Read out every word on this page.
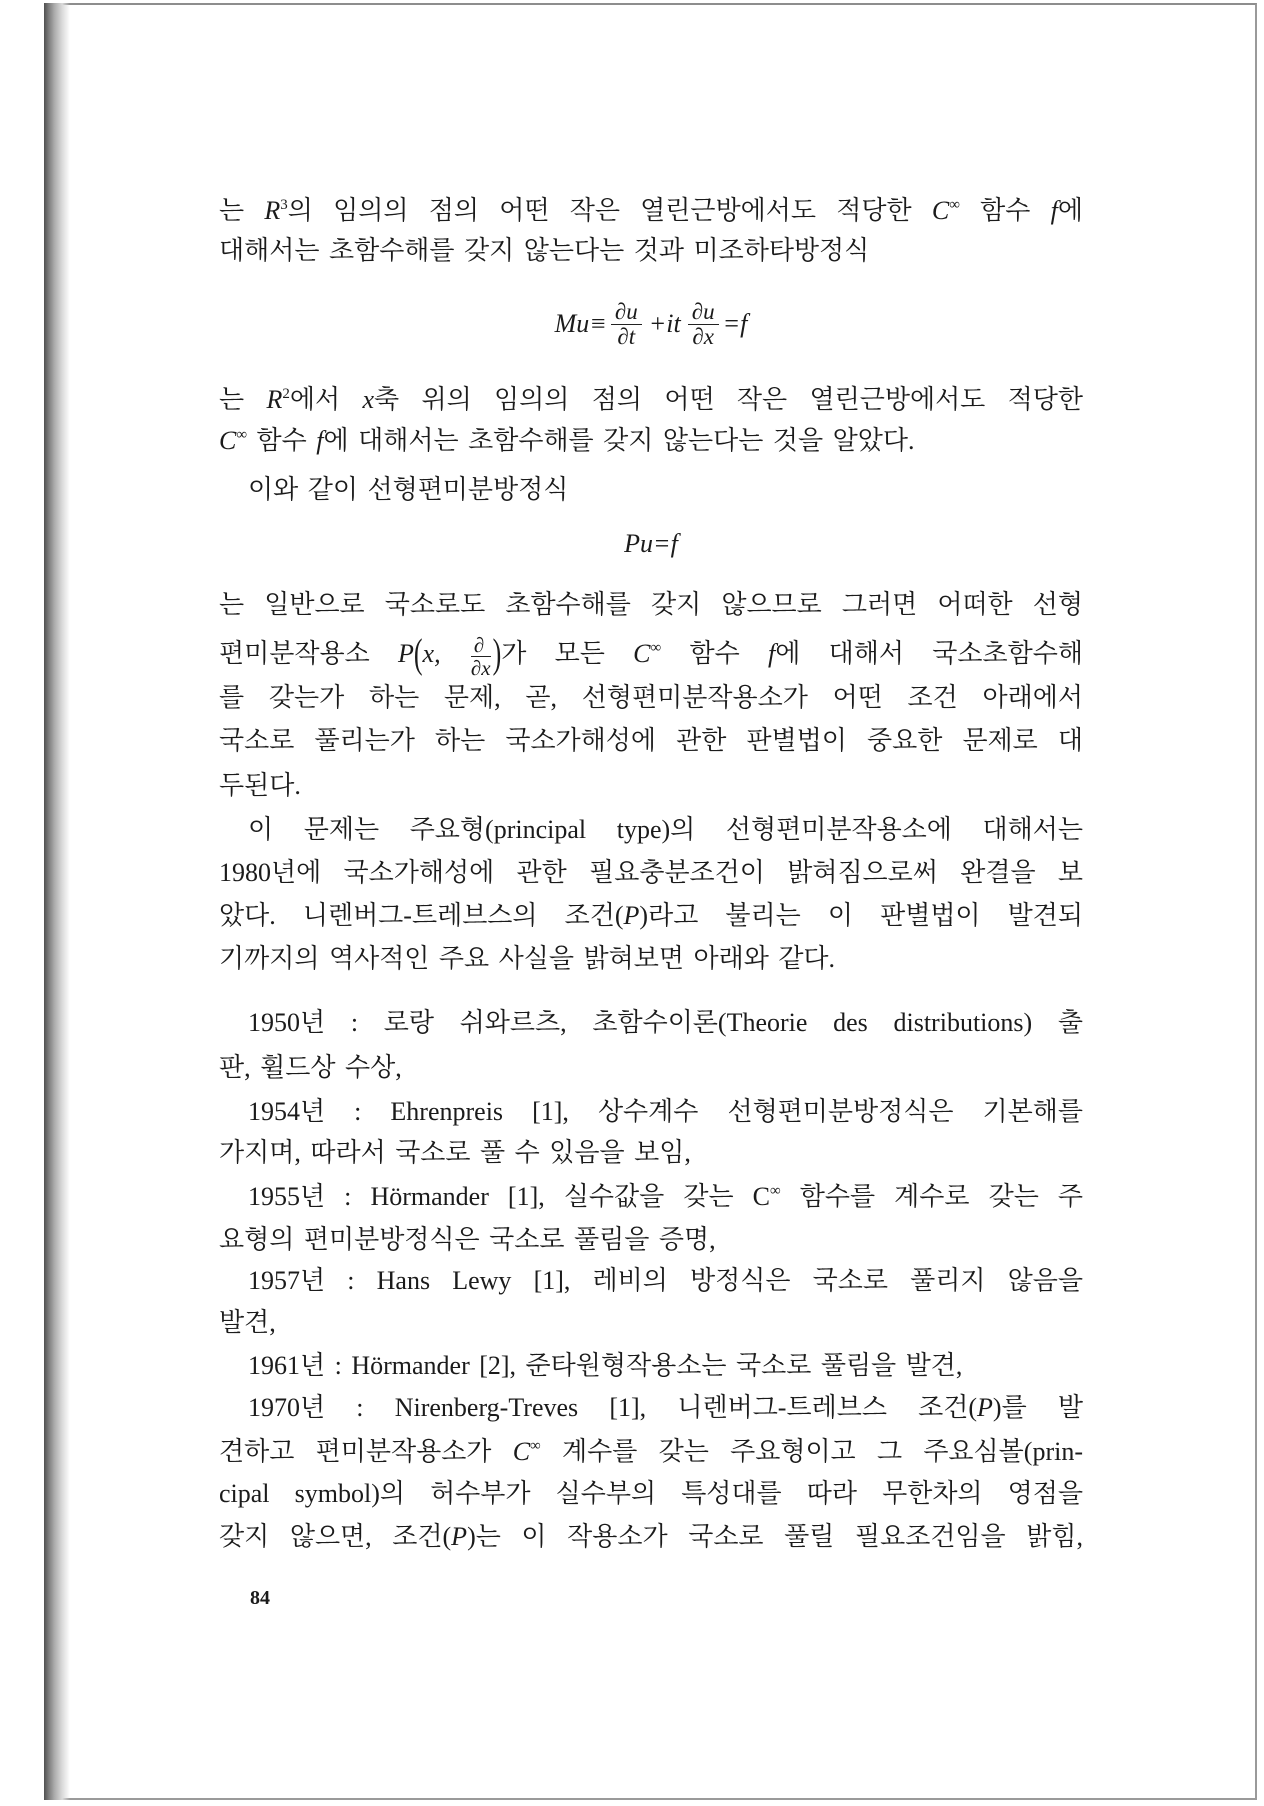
는 $R^3$의 임의의 점의 어떤 작은 열린근방에서도 적당한 C∞ 함수 f에
대해서는 초함수해를 갖지 않는다는 것과 미조하타방정식
$Mu\equiv \frac{\partial u}{\partial t} +it \frac{\partial u}{\partial x} =f$
는 $R^2$에서 x축 위의 임의의 점의 어떤 작은 열린근방에서도 적당한
C∞ 함수 f에 대해서는 초함수해를 갖지 않는다는 것을 알았다.
이와 같이 선형편미분방정식
Pu=f
는 일반으로 국소로도 초함수해를 갖지 않으므로 그러면 어떠한 선형
편미분작용소 P(x, $\frac{\partial}{\partial x}$ )가 모든 C∞ 함수 f에 대해서 국소초함수해
를 갖는가 하는 문제, 곧, 선형편미분작용소가 어떤 조건 아래에서
국소로 풀리는가 하는 국소가해성에 관한 판별법이 중요한 문제로 대
두된다.
이 문제는 주요형(principal type)의 선형편미분작용소에 대해서는
1980년에 국소가해성에 관한 필요충분조건이 밝혀짐으로써 완결을 보
았다. 니렌버그-트레브스의 조건(P)라고 불리는 이 판별법이 발견되
기까지의 역사적인 주요 사실을 밝혀보면 아래와 같다.
1950년 : 로랑 쉬와르츠, 초함수이론(Theorie des distributions) 출
판, 휠드상 수상,
1954년 : Ehrenpreis [1], 상수계수 선형편미분방정식은 기본해를
가지며, 따라서 국소로 풀 수 있음을 보임,
1955년 : Hörmander [1], 실수값을 갖는 C∞ 함수를 계수로 갖는 주
요형의 편미분방정식은 국소로 풀림을 증명,
1957년 : Hans Lewy [1], 레비의 방정식은 국소로 풀리지 않음을
발견,
1961년 : Hörmander [2], 준타원형작용소는 국소로 풀림을 발견,
1970년 : Nirenberg-Treves [1], 니렌버그-트레브스 조건(P)를 발
견하고 편미분작용소가 C∞ 계수를 갖는 주요형이고 그 주요심볼(prin-
cipal symbol)의 허수부가 실수부의 특성대를 따라 무한차의 영점을
갖지 않으면, 조건(P)는 이 작용소가 국소로 풀릴 필요조건임을 밝힘,
84
